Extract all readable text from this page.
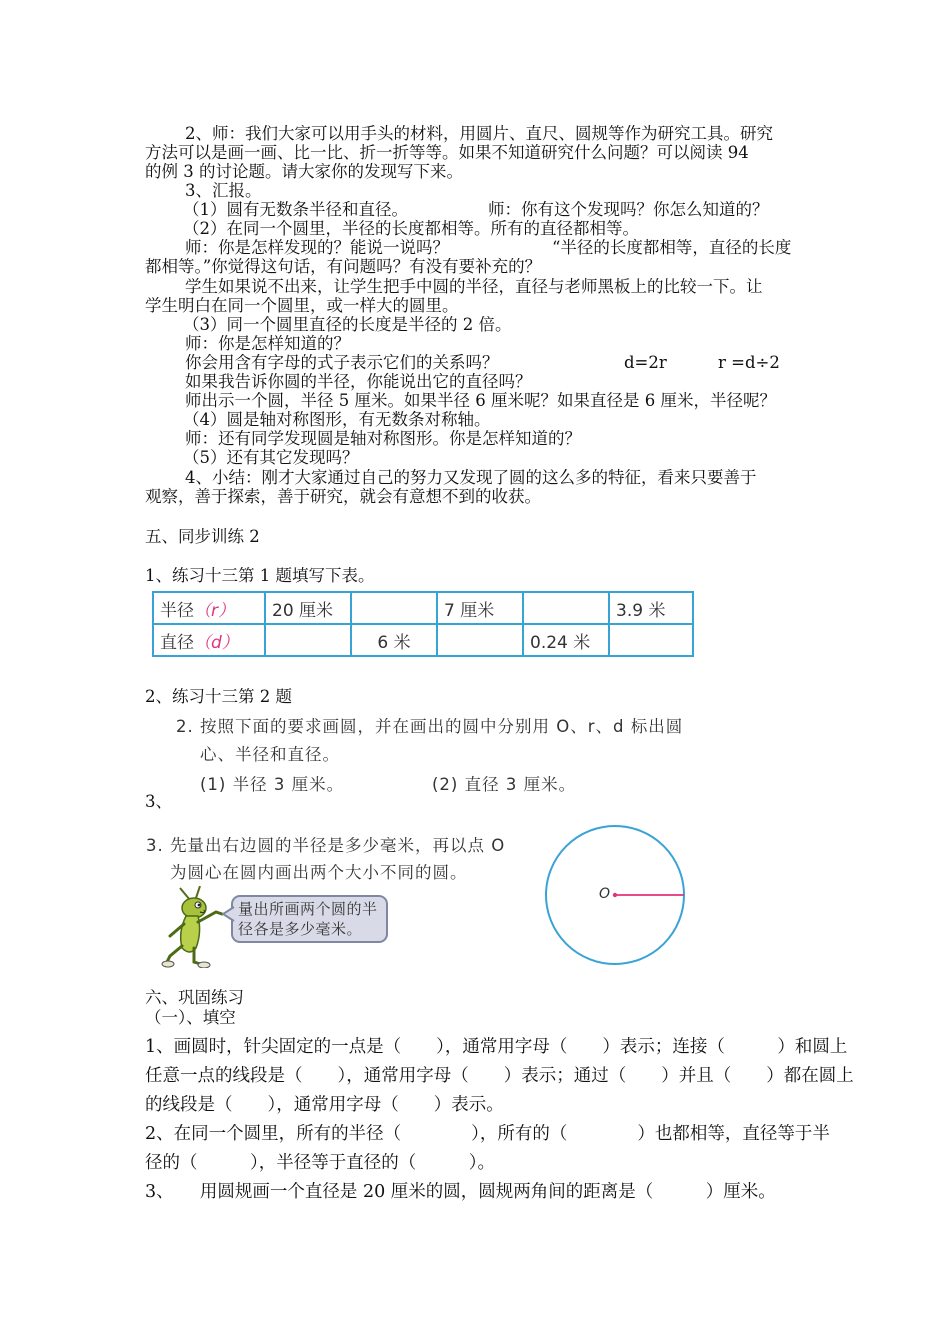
2、师：我们大家可以用手头的材料，用圆片、直尺、圆规等作为研究工具。研究
方法可以是画一画、比一比、折一折等等。如果不知道研究什么问题？可以阅读 94
的例 3 的讨论题。请大家你的发现写下来。
3、汇报。
（1）圆有无数条半径和直径。	师：你有这个发现吗？你怎么知道的？
（2）在同一个圆里，半径的长度都相等。所有的直径都相等。
师：你是怎样发现的？能说一说吗？	“半径的长度都相等，直径的长度
都相等。”你觉得这句话，有问题吗？有没有要补充的？
学生如果说不出来，让学生把手中圆的半径，直径与老师黑板上的比较一下。让
学生明白在同一个圆里，或一样大的圆里。
（3）同一个圆里直径的长度是半径的 2 倍。
师：你是怎样知道的？
你会用含有字母的式子表示它们的关系吗？	d=2r	r =d÷2
如果我告诉你圆的半径，你能说出它的直径吗？
师出示一个圆，半径 5 厘米。如果半径 6 厘米呢？如果直径是 6 厘米，半径呢？
（4）圆是轴对称图形，有无数条对称轴。
师：还有同学发现圆是轴对称图形。你是怎样知道的？
（5）还有其它发现吗？
4、小结：刚才大家通过自己的努力又发现了圆的这么多的特征，看来只要善于
观察，善于探索，善于研究，就会有意想不到的收获。
五、同步训练 2
1、练习十三第 1 题填写下表。
半径（r）	20 厘米		7 厘米		3.9 米
直径（d）		6 米		0.24 米	
2、练习十三第 2 题
2. 按照下面的要求画圆，并在画出的圆中分别用 O、r、d 标出圆
心、半径和直径。
(1) 半径 3 厘米。	(2) 直径 3 厘米。
3、
3. 先量出右边圆的半径是多少毫米，再以点 O
为圆心在圆内画出两个大小不同的圆。
量出所画两个圆的半
径各是多少毫米。
O
六、巩固练习
（一）、填空
1、画圆时，针尖固定的一点是（　　），通常用字母（　　）表示；连接（　　　）和圆上
任意一点的线段是（　　），通常用字母（　　）表示；通过（　　）并且（　　）都在圆上
的线段是（　　），通常用字母（　　）表示。
2、在同一个圆里，所有的半径（　　　　），所有的（　　　　）也都相等，直径等于半
径的（　　　），半径等于直径的（　　　）。
3、　　用圆规画一个直径是 20 厘米的圆，圆规两角间的距离是（　　　）厘米。
